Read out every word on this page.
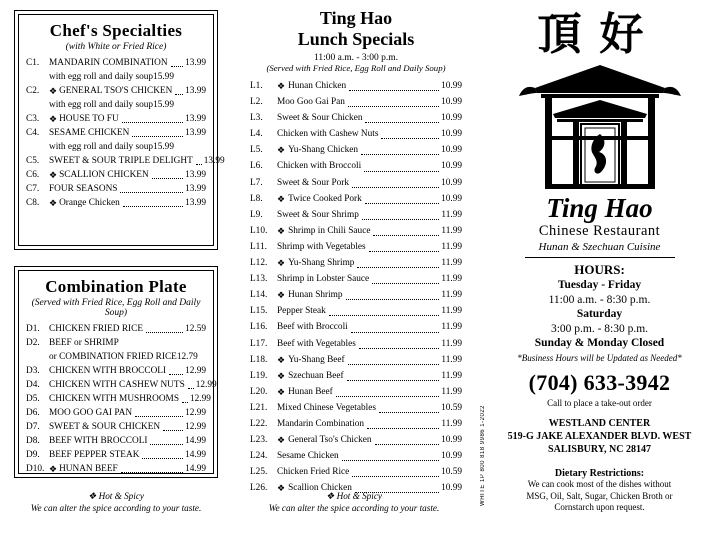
Chef's Specialties
(with White or Fried Rice)
C1.	MANDARIN COMBINATION 13.99
with egg roll and daily soup 15.99
C2.	❖ GENERAL TSO'S CHICKEN 13.99
with egg roll and daily soup 15.99
C3.	❖ HOUSE TO FU	13.99
C4.	SESAME CHICKEN	13.99
with egg roll and daily soup 15.99
C5.	SWEET & SOUR TRIPLE DELIGHT 13.99
C6.	❖ SCALLION CHICKEN	13.99
C7.	FOUR SEASONS	13.99
C8.	❖ Orange Chicken	13.99
Combination Plate
(Served with Fried Rice, Egg Roll and Daily Soup)
D1.	CHICKEN FRIED RICE	12.59
D2.	BEEF or SHRIMP
or COMBINATION FRIED RICE 12.79
D3.	CHICKEN WITH BROCCOLI 12.99
D4.	CHICKEN WITH CASHEW NUTS 12.99
D5.	CHICKEN WITH MUSHROOMS 12.99
D6.	MOO GOO GAI PAN	12.99
D7.	SWEET & SOUR CHICKEN	12.99
D8.	BEEF WITH BROCCOLI	14.99
D9.	BEEF PEPPER STEAK	14.99
D10. ❖ HUNAN BEEF	14.99
❖ Hot & Spicy
We can alter the spice according to your taste.
Ting Hao
Lunch Specials
11:00 a.m. - 3:00 p.m.
(Served with Fried Rice, Egg Roll and Daily Soup)
L1.	❖ Hunan Chicken	10.99
L2.	Moo Goo Gai Pan	10.99
L3.	Sweet & Sour Chicken	10.99
L4.	Chicken with Cashew Nuts	10.99
L5.	❖ Yu-Shang Chicken	10.99
L6.	Chicken with Broccoli	10.99
L7.	Sweet & Sour Pork	10.99
L8.	❖ Twice Cooked Pork	10.99
L9.	Sweet & Sour Shrimp	11.99
L10.	❖ Shrimp in Chili Sauce	11.99
L11.	Shrimp with Vegetables	11.99
L12.	❖ Yu-Shang Shrimp	11.99
L13.	Shrimp in Lobster Sauce	11.99
L14.	❖ Hunan Shrimp	11.99
L15.	Pepper Steak	11.99
L16.	Beef with Broccoli	11.99
L17.	Beef with Vegetables	11.99
L18.	❖ Yu-Shang Beef	11.99
L19.	❖ Szechuan Beef	11.99
L20.	❖ Hunan Beef	11.99
L21.	Mixed Chinese Vegetables	10.59
L22.	Mandarin Combination	11.99
L23.	❖ General Tso's Chicken	10.99
L24.	Sesame Chicken	10.99
L25.	Chicken Fried Rice	10.59
L26.	❖ Scallion Chicken	10.99
❖ Hot & Spicy
We can alter the spice according to your taste.
WHITE 1P 800 818 9986 1-2022
頂好
Ting Hao
Chinese Restaurant
Hunan & Szechuan Cuisine
HOURS:
Tuesday - Friday
11:00 a.m. - 8:30 p.m.
Saturday
3:00 p.m. - 8:30 p.m.
Sunday & Monday Closed
*Business Hours will be Updated as Needed*
(704) 633-3942
Call to place a take-out order
WESTLAND CENTER
519-G JAKE ALEXANDER BLVD. WEST
SALISBURY, NC 28147
Dietary Restrictions:
We can cook most of the dishes without
MSG, Oil, Salt, Sugar, Chicken Broth or
Cornstarch upon request.
